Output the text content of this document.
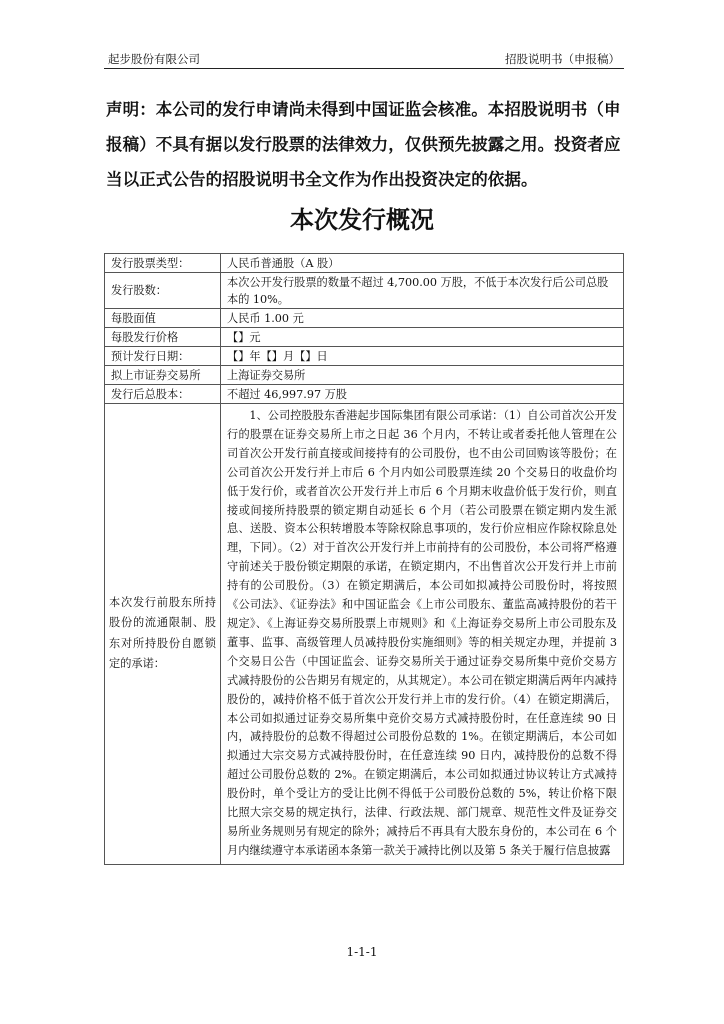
起步股份有限公司	招股说明书（申报稿）
声明：本公司的发行申请尚未得到中国证监会核准。本招股说明书（申报稿）不具有据以发行股票的法律效力，仅供预先披露之用。投资者应当以正式公告的招股说明书全文作为作出投资决定的依据。
本次发行概况
发行股票类型：	人民币普通股（A 股）
发行股数：	本次公开发行股票的数量不超过 4,700.00 万股，不低于本次发行后公司总股本的 10%。
每股面值	人民币 1.00 元
每股发行价格	【】元
预计发行日期：	【】年【】月【】日
拟上市证券交易所	上海证券交易所
发行后总股本：	不超过 46,997.97 万股
本次发行前股东所持股份的流通限制、股东对所持股份自愿锁定的承诺：	1、公司控股股东香港起步国际集团有限公司承诺：（1）自公司首次公开发行的股票在证券交易所上市之日起 36 个月内，不转让或者委托他人管理在公司首次公开发行前直接或间接持有的公司股份，也不由公司回购该等股份；在公司首次公开发行并上市后 6 个月内如公司股票连续 20 个交易日的收盘价均低于发行价，或者首次公开发行并上市后 6 个月期末收盘价低于发行价，则直接或间接所持股票的锁定期自动延长 6 个月（若公司股票在锁定期内发生派息、送股、资本公积转增股本等除权除息事项的，发行价应相应作除权除息处理，下同）。（2）对于首次公开发行并上市前持有的公司股份，本公司将严格遵守前述关于股份锁定期限的承诺，在锁定期内，不出售首次公开发行并上市前持有的公司股份。（3）在锁定期满后，本公司如拟减持公司股份时，将按照《公司法》、《证券法》和中国证监会《上市公司股东、董监高减持股份的若干规定》、《上海证券交易所股票上市规则》和《上海证券交易所上市公司股东及董事、监事、高级管理人员减持股份实施细则》等的相关规定办理，并提前 3 个交易日公告（中国证监会、证券交易所关于通过证券交易所集中竞价交易方式减持股份的公告期另有规定的，从其规定）。本公司在锁定期满后两年内减持股份的，减持价格不低于首次公开发行并上市的发行价。（4）在锁定期满后，本公司如拟通过证券交易所集中竞价交易方式减持股份时，在任意连续 90 日内，减持股份的总数不得超过公司股份总数的 1%。在锁定期满后，本公司如拟通过大宗交易方式减持股份时，在任意连续 90 日内，减持股份的总数不得超过公司股份总数的 2%。在锁定期满后，本公司如拟通过协议转让方式减持股份时，单个受让方的受让比例不得低于公司股份总数的 5%，转让价格下限比照大宗交易的规定执行，法律、行政法规、部门规章、规范性文件及证券交易所业务规则另有规定的除外；减持后不再具有大股东身份的，本公司在 6 个月内继续遵守本承诺函本条第一款关于减持比例以及第 5 条关于履行信息披露
1-1-1
